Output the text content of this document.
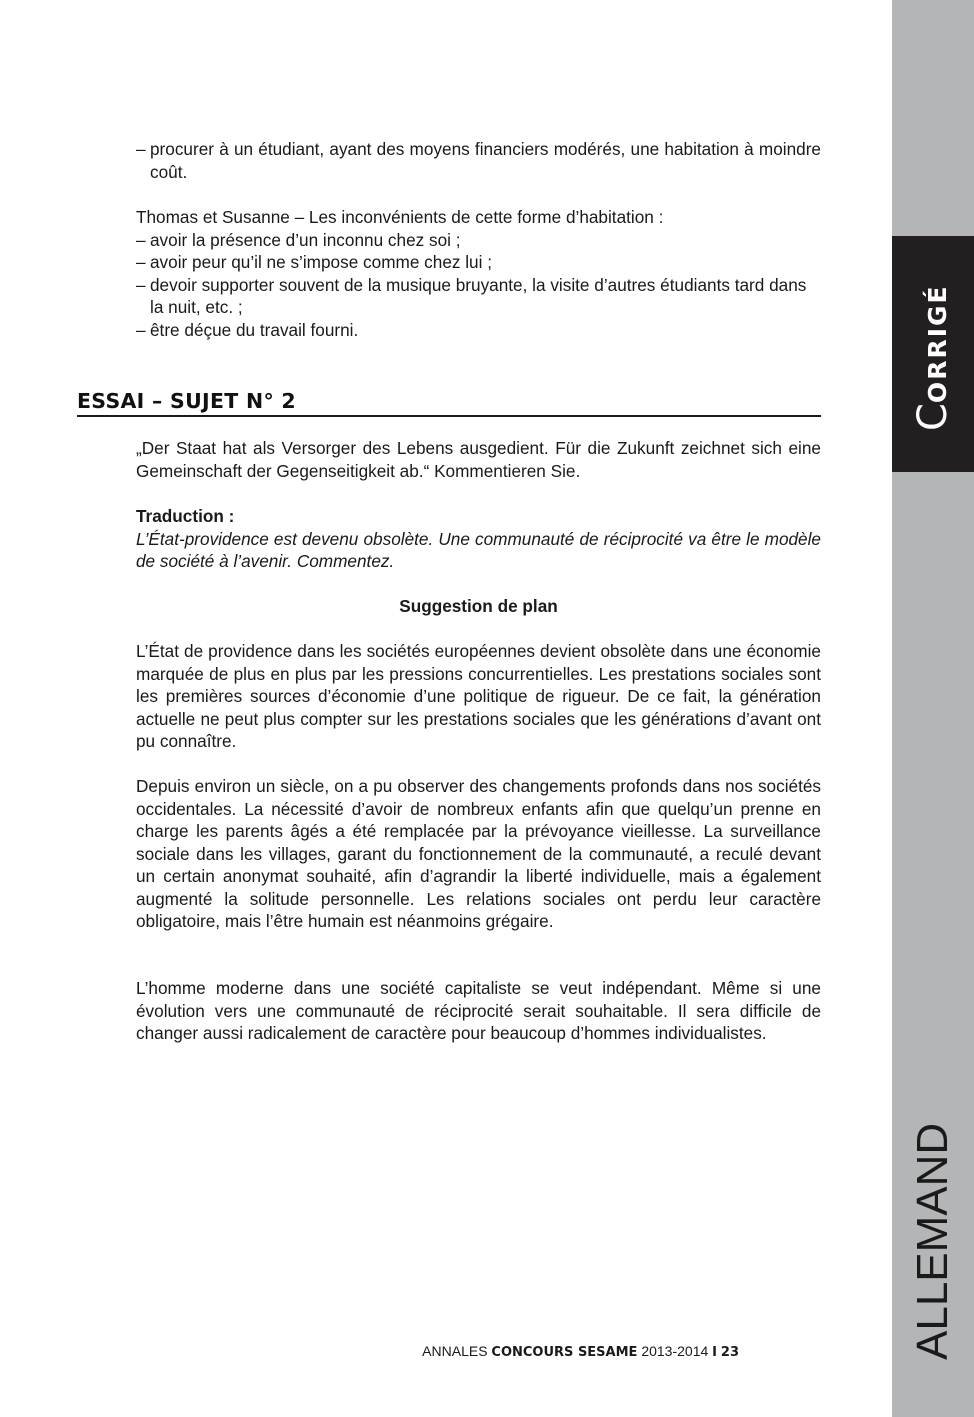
– procurer à un étudiant, ayant des moyens financiers modérés, une habitation à moindre coût.
Thomas et Susanne – Les inconvénients de cette forme d’habitation :
– avoir la présence d’un inconnu chez soi ;
– avoir peur qu’il ne s’impose comme chez lui ;
– devoir supporter souvent de la musique bruyante, la visite d’autres étudiants tard dans la nuit, etc. ;
– être déçue du travail fourni.
ESSAI – SUJET N° 2
„Der Staat hat als Versorger des Lebens ausgedient. Für die Zukunft zeichnet sich eine Gemeinschaft der Gegenseitigkeit ab.“ Kommentieren Sie.
Traduction :
L’État-providence est devenu obsolète. Une communauté de réciprocité va être le modèle de société à l’avenir. Commentez.
Suggestion de plan
L’État de providence dans les sociétés européennes devient obsolète dans une économie marquée de plus en plus par les pressions concurrentielles. Les prestations sociales sont les premières sources d’économie d’une politique de rigueur. De ce fait, la génération actuelle ne peut plus compter sur les prestations sociales que les générations d’avant ont pu connaître.
Depuis environ un siècle, on a pu observer des changements profonds dans nos sociétés occidentales. La nécessité d’avoir de nombreux enfants afin que quelqu’un prenne en charge les parents âgés a été remplacée par la prévoyance vieillesse. La surveillance sociale dans les villages, garant du fonctionnement de la communauté, a reculé devant un certain anonymat souhaité, afin d’agrandir la liberté individuelle, mais a également augmenté la solitude personnelle. Les relations sociales ont perdu leur caractère obligatoire, mais l’être humain est néanmoins grégaire.
L’homme moderne dans une société capitaliste se veut indépendant. Même si une évolution vers une communauté de réciprocité serait souhaitable. Il sera difficile de changer aussi radicalement de caractère pour beaucoup d’hommes individualistes.
ANNALES CONCOURS SESAME 2013-2014 I 23
CORRIGÉ
ALLEMAND
